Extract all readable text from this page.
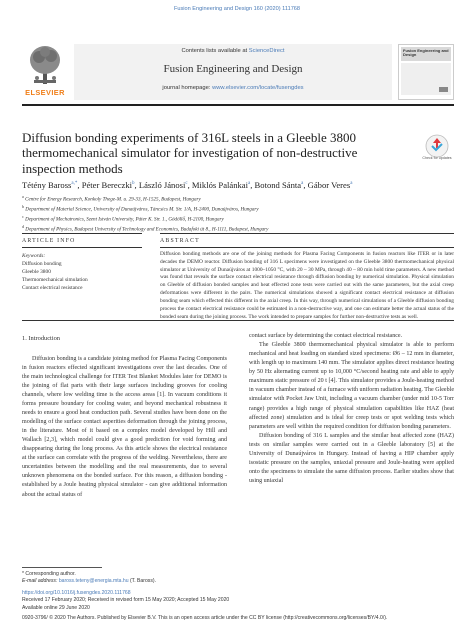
Fusion Engineering and Design 160 (2020) 111768
ELSEVIER
Contents lists available at ScienceDirect
Fusion Engineering and Design
journal homepage: www.elsevier.com/locate/fusengdes
Fusion Engineering and Design
Diffusion bonding experiments of 316L steels in a Gleeble 3800 thermomechanical simulator for investigation of non-destructive inspection methods
Check for updates
Tétény Baross$^{a,*}$, Péter Bereczki$^b$, László Jánosi$^c$, Miklós Palánkai$^a$, Botond Sánta$^a$, Gábor Veres$^a$
$^a$ Centre for Energy Research, Konkoly Thege-M. u. 29-33, H-1525, Budapest, Hungary
$^b$ Department of Material Science, University of Dunaújváros, Táncsics M. Str. 1/A, H-2400, Dunaújváros, Hungary
$^c$ Department of Mechatronics, Szent István University, Páter K. Str. 1., Gödöllő, H-2100, Hungary
$^d$ Department of Physics, Budapest University of Technology and Economics, Budafoki út 8., H-1111, Budapest, Hungary
ARTICLE INFO	ABSTRACT
Keywords:
Diffusion bonding
Gleeble 3800
Thermomechanical simulation
Contact electrical resistance
Diffusion bonding methods are one of the joining methods for Plasma Facing Components in fusion reactors like ITER or in later decades the DEMO reactor. Diffusion bonding of 316 L specimens were investigated on the Gleeble 3800 thermomechanical physical simulator at University of Dunaújváros at 1000–1050 °C, with 20 – 30 MPa, through 40 – 80 min hold time parameters. A new method was found that reveals the surface contact electrical resistance through diffusion bonding by numerical simulation. Physical simulation on Gleeble of diffusion bonded samples and heat effected zone tests were carried out with the same parameters, but the axial creep deformations were different in the pairs. The numerical simulations showed a significant contact electrical resistance at diffusion bonding seam which effected this different in the axial creep. In this way, through numerical simulations of a Gleeble diffusion bonding process the contact electrical resistance could be estimated in a non-destructive way, and one can estimate better the actual status of the bonded seam during the joining process. The work intended to prepare samples for further non-destructive tests as well.
1. Introduction
Diffusion bonding is a candidate joining method for Plasma Facing Components in fusion reactors effected significant investigations over the last decades. One of the main technological challenge for ITER Test Blanket Modules later for DEMO is the joining of flat parts with their large surfaces including grooves for cooling channels, where low welding time is the access areas [1]. In vacuum conditions it forms pressure boundary for cooling water, and beyond mechanical robustness it needs to ensure a good heat conduction path. Several studies have been done on the modelling of the surface contact asperities deformation through the joining process, in the literature. Most of it based on a complex model developed by Hill and Wallach [2,3], which model could give a good prediction for void forming and disappearing during the long process. As this article shows the electrical resistance at the surface can correlate with the progress of the welding. Nevertheless, there are uncertainties between the modelling and the real measurements, due to several unknown phenomena on the bonded surface. For this reason, a diffusion bonding - established by a Joule heating physical simulator - can give additional information about the actual status of
contact surface by determining the contact electrical resistance.
The Gleeble 3800 thermomechanical physical simulator is able to perform mechanical and heat loading on standard sized specimens: Ø6 – 12 mm in diameter, with length up to maximum 140 mm. The simulator applies direct resistance heating by 50 Hz alternating current up to 10,000 °C/second heating rate and able to apply maximum static pressure of 20 t [4]. This simulator provides a Joule-heating method in vacuum chamber instead of a furnace with uniform radiation heating. The Gleeble simulator with Pocket Jaw Unit, including a vacuum chamber (under mid 10-5 Torr range) provides a high range of physical simulation capabilities like HAZ (heat affected zone) simulation and is ideal for creep tests or spot welding tests which parameters are well within the required condition for diffusion bonding parameters.
Diffusion bonding of 316 L samples and the similar heat affected zone (HAZ) tests on similar samples were carried out in a Gleeble laboratory [5] at the University of Dunaújváros in Hungary. Instead of having a HIP chamber apply isostatic pressure on the samples, uniaxial pressure and Joule-heating were applied onto the specimens to simulate the same diffusion process. Earlier studies show that using uniaxial
* Corresponding author.
E-mail address: baross.teteny@energia.mta.hu (T. Baross).
https://doi.org/10.1016/j.fusengdes.2020.111768
Received 17 February 2020; Received in revised form 15 May 2020; Accepted 15 May 2020
Available online 29 June 2020
0920-3796/ © 2020 The Authors. Published by Elsevier B.V. This is an open access article under the CC BY license (http://creativecommons.org/licenses/BY/4.0/).
